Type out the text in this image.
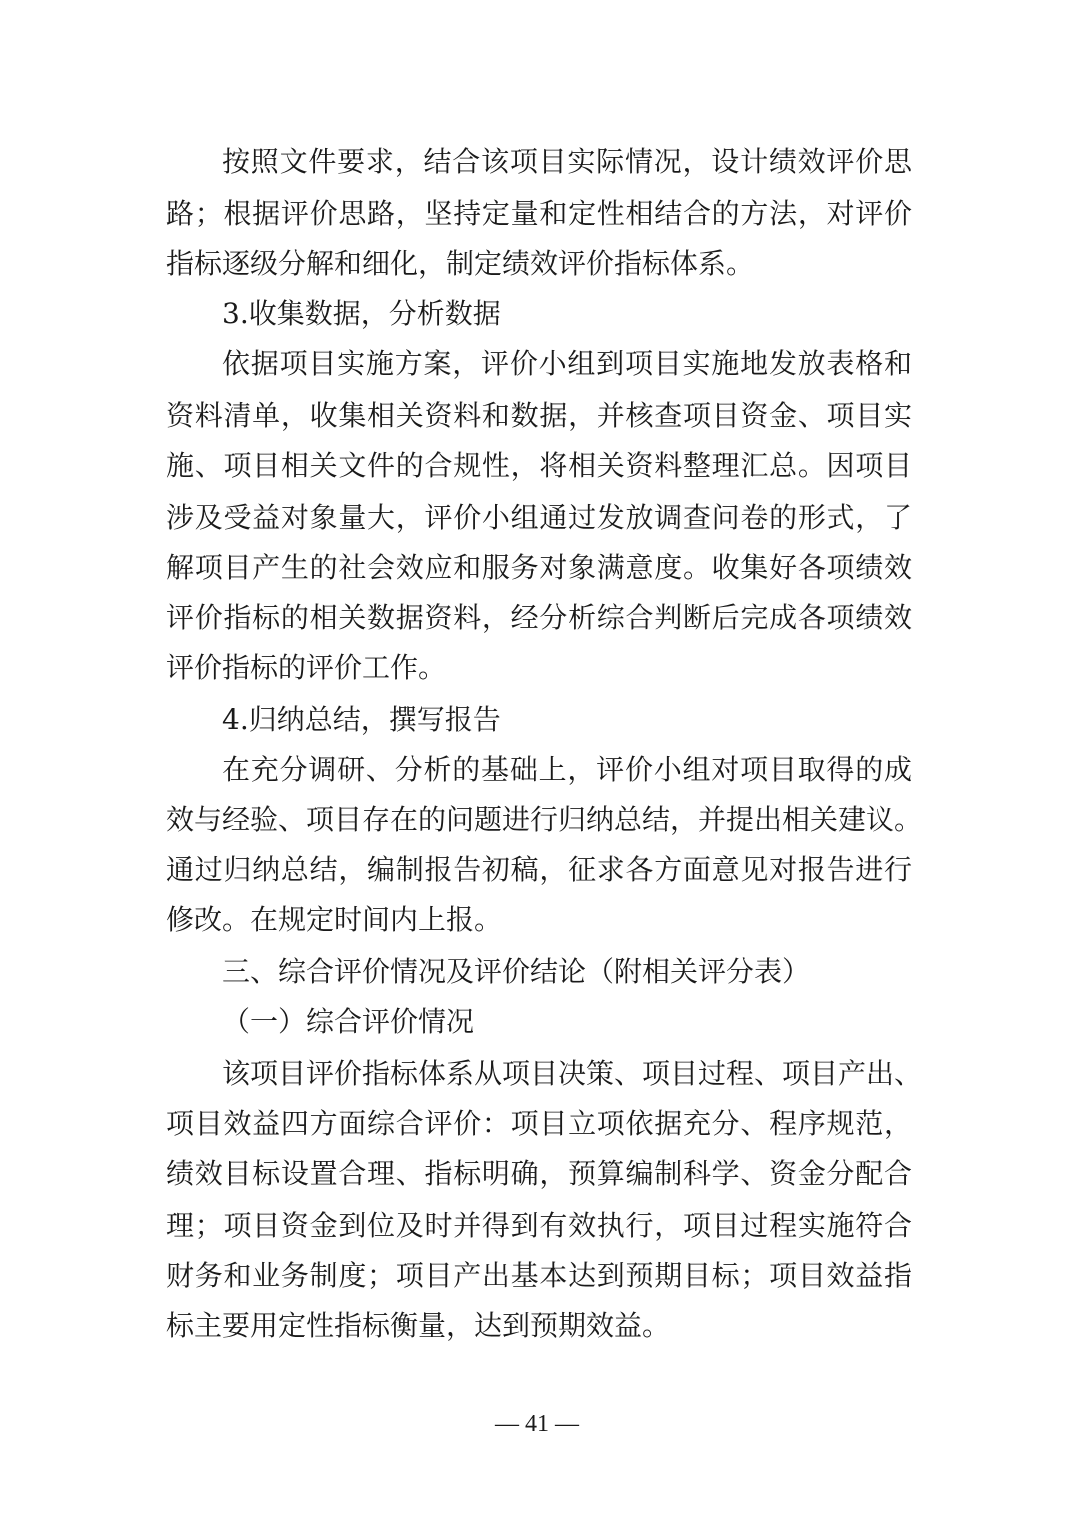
按照文件要求，结合该项目实际情况，设计绩效评价思
路；根据评价思路，坚持定量和定性相结合的方法，对评价
指标逐级分解和细化，制定绩效评价指标体系。
3.收集数据，分析数据
依据项目实施方案，评价小组到项目实施地发放表格和
资料清单，收集相关资料和数据，并核查项目资金、项目实
施、项目相关文件的合规性，将相关资料整理汇总。因项目
涉及受益对象量大，评价小组通过发放调查问卷的形式，了
解项目产生的社会效应和服务对象满意度。收集好各项绩效
评价指标的相关数据资料，经分析综合判断后完成各项绩效
评价指标的评价工作。
4.归纳总结，撰写报告
在充分调研、分析的基础上，评价小组对项目取得的成
效与经验、项目存在的问题进行归纳总结，并提出相关建议。
通过归纳总结，编制报告初稿，征求各方面意见对报告进行
修改。在规定时间内上报。
三、综合评价情况及评价结论（附相关评分表）
（一）综合评价情况
该项目评价指标体系从项目决策、项目过程、项目产出、
项目效益四方面综合评价：项目立项依据充分、程序规范，
绩效目标设置合理、指标明确，预算编制科学、资金分配合
理；项目资金到位及时并得到有效执行，项目过程实施符合
财务和业务制度；项目产出基本达到预期目标；项目效益指
标主要用定性指标衡量，达到预期效益。
— 41 —
